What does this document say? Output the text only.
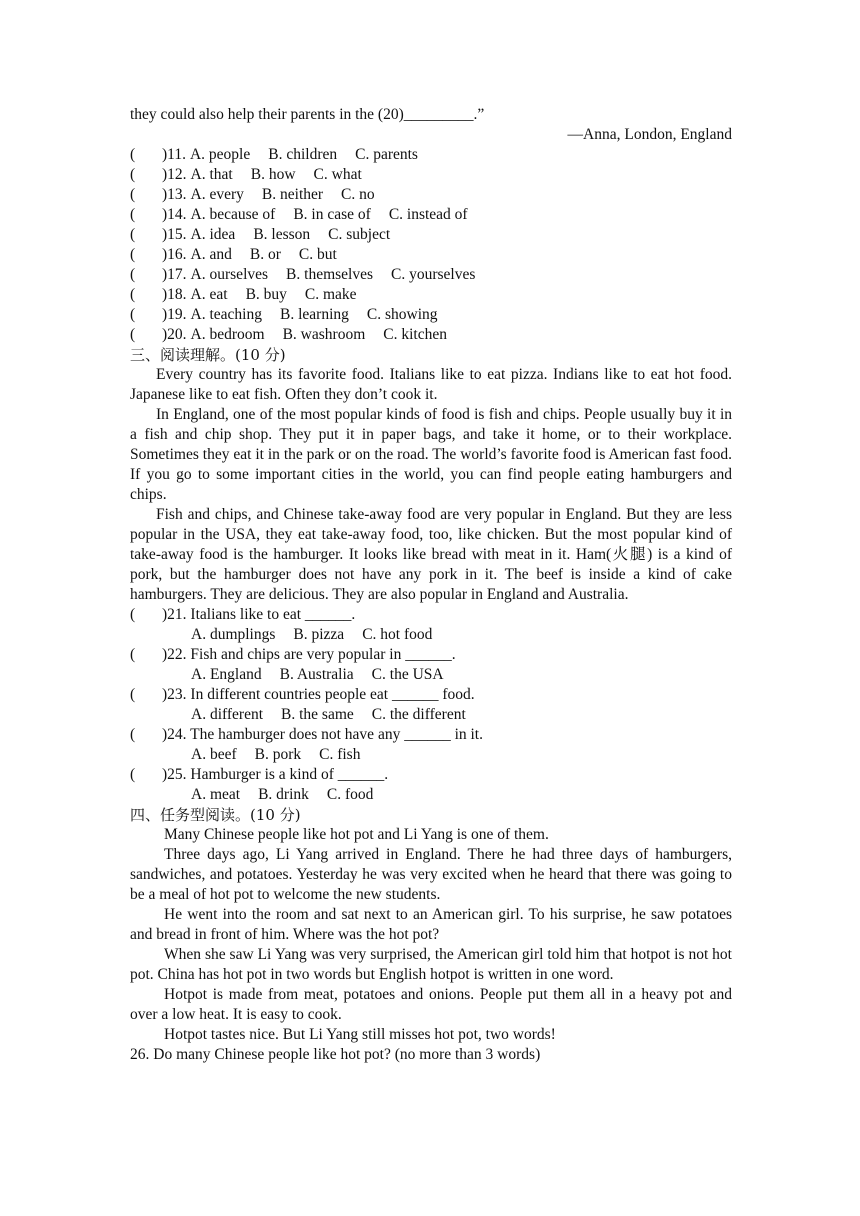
they could also help their parents in the (20)_________.”
—Anna, London, England
(	)11. A. people B. children C. parents
(	)12. A. that B. how C. what
(	)13. A. every B. neither C. no
(	)14. A. because of B. in case of C. instead of
(	)15. A. idea B. lesson C. subject
(	)16. A. and B. or C. but
(	)17. A. ourselves B. themselves C. yourselves
(	)18. A. eat B. buy C. make
(	)19. A. teaching B. learning C. showing
(	)20. A. bedroom B. washroom C. kitchen
三、阅读理解。(10 分)
Every country has its favorite food. Italians like to eat pizza. Indians like to eat hot food. Japanese like to eat fish. Often they don’t cook it.
In England, one of the most popular kinds of food is fish and chips. People usually buy it in a fish and chip shop. They put it in paper bags, and take it home, or to their workplace. Sometimes they eat it in the park or on the road. The world’s favorite food is American fast food. If you go to some important cities in the world, you can find people eating hamburgers and chips.
Fish and chips, and Chinese take-away food are very popular in England. But they are less popular in the USA, they eat take-away food, too, like chicken. But the most popular kind of take-away food is the hamburger. It looks like bread with meat in it. Ham(火腿) is a kind of pork, but the hamburger does not have any pork in it. The beef is inside a kind of cake hamburgers. They are delicious. They are also popular in England and Australia.
(	)21. Italians like to eat ______.
A. dumplings B. pizza C. hot food
(	)22. Fish and chips are very popular in ______.
A. England B. Australia C. the USA
(	)23. In different countries people eat ______ food.
A. different B. the same C. the different
(	)24. The hamburger does not have any ______ in it.
A. beef B. pork C. fish
(	)25. Hamburger is a kind of ______.
A. meat B. drink C. food
四、任务型阅读。(10 分)
Many Chinese people like hot pot and Li Yang is one of them.
Three days ago, Li Yang arrived in England. There he had three days of hamburgers, sandwiches, and potatoes. Yesterday he was very excited when he heard that there was going to be a meal of hot pot to welcome the new students.
He went into the room and sat next to an American girl. To his surprise, he saw potatoes and bread in front of him. Where was the hot pot?
When she saw Li Yang was very surprised, the American girl told him that hotpot is not hot pot. China has hot pot in two words but English hotpot is written in one word.
Hotpot is made from meat, potatoes and onions. People put them all in a heavy pot and over a low heat. It is easy to cook.
Hotpot tastes nice. But Li Yang still misses hot pot, two words!
26. Do many Chinese people like hot pot? (no more than 3 words)
